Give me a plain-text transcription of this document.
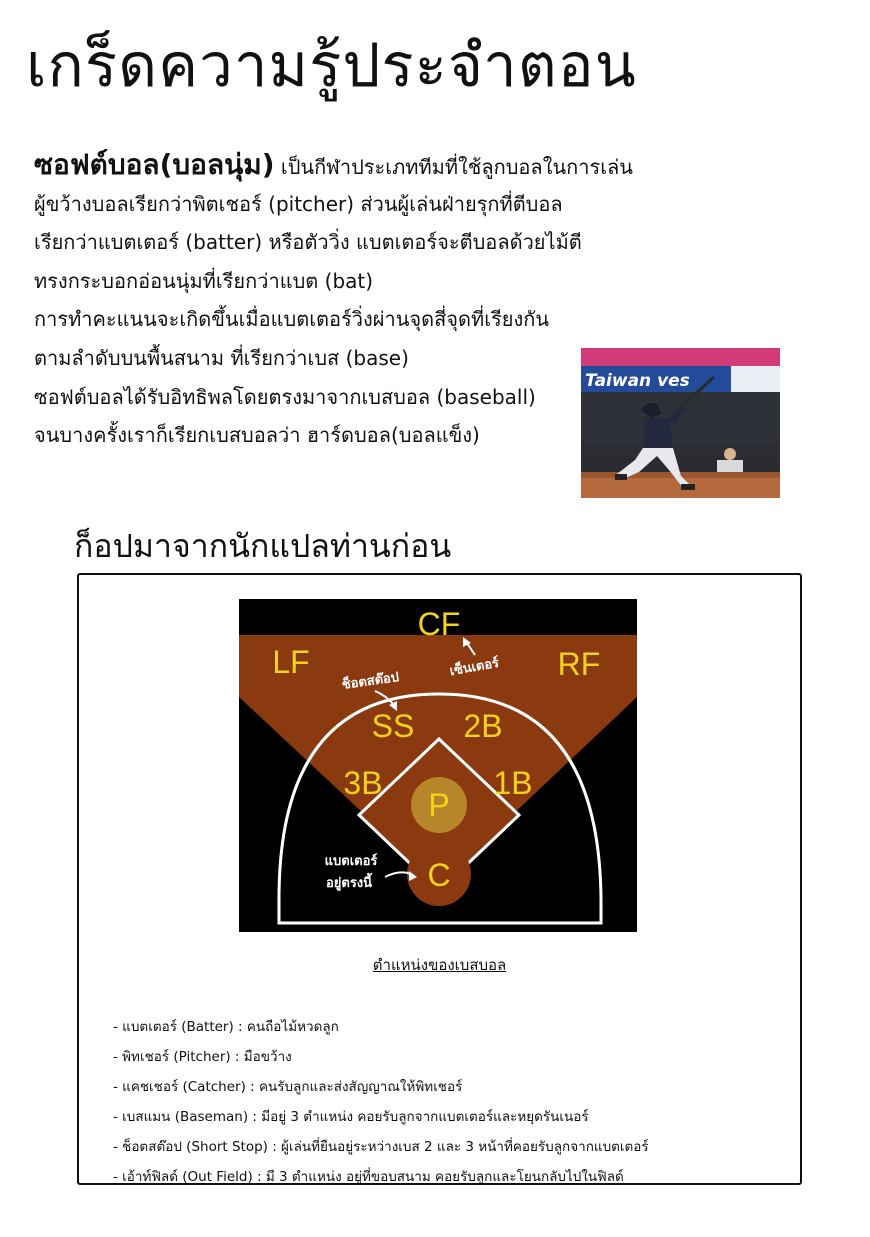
เกร็ดความรู้ประจำตอน
ซอฟต์บอล(บอลนุ่ม) เป็นกีฬาประเภททีมที่ใช้ลูกบอลในการเล่น
ผู้ขว้างบอลเรียกว่าพิตเชอร์ (pitcher) ส่วนผู้เล่นฝ่ายรุกที่ตีบอล
เรียกว่าแบตเตอร์ (batter) หรือตัววิ่ง แบตเตอร์จะตีบอลด้วยไม้ตี
ทรงกระบอกอ่อนนุ่มที่เรียกว่าแบต (bat)
การทำคะแนนจะเกิดขึ้นเมื่อแบตเตอร์วิ่งผ่านจุดสี่จุดที่เรียงกัน
ตามลำดับบนพื้นสนาม ที่เรียกว่าเบส (base)
ซอฟต์บอลได้รับอิทธิพลโดยตรงมาจากเบสบอล (baseball)
จนบางครั้งเราก็เรียกเบสบอลว่า ฮาร์ดบอล(บอลแข็ง)
Taiwan ves
ก็อปมาจากนักแปลท่านก่อน
CF
LF	RF
SS 2B
3B	1B
P
C
ช็อตสต๊อป
เซ็นเตอร์
แบตเตอร์
อยู่ตรงนี้
ตำแหน่งของเบสบอล
- แบตเตอร์ (Batter) : คนถือไม้หวดลูก
- พิทเชอร์ (Pitcher) : มือขว้าง
- แคชเชอร์ (Catcher) : คนรับลูกและส่งสัญญาณให้พิทเชอร์
- เบสแมน (Baseman) : มีอยู่ 3 ตำแหน่ง คอยรับลูกจากแบตเตอร์และหยุดรันเนอร์
- ช็อตสต๊อป (Short Stop) : ผู้เล่นที่ยืนอยู่ระหว่างเบส 2 และ 3 หน้าที่คอยรับลูกจากแบตเตอร์
- เอ้าท์ฟิลด์ (Out Field) : มี 3 ตำแหน่ง อยู่ที่ขอบสนาม คอยรับลูกและโยนกลับไปในฟิลด์
